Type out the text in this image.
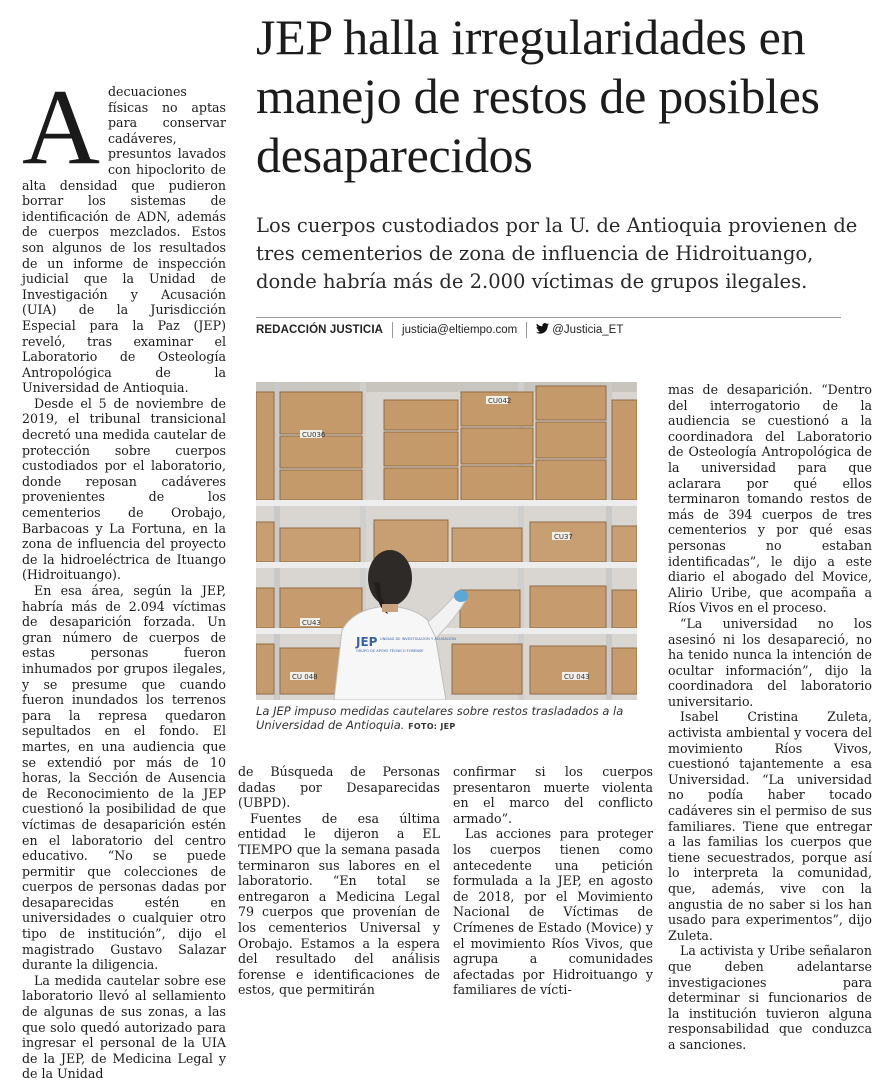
JEP halla irregularidades en manejo de restos de posibles desaparecidos

Los cuerpos custodiados por la U. de Antioquia provienen de tres cementerios de zona de influencia de Hidroituango, donde habría más de 2.000 víctimas de grupos ilegales.

REDACCIÓN JUSTICIA justicia@eltiempo.com	@Justicia_ET
A decuaciones físicas no aptas para conservar cadáveres, presuntos lavados con hipoclorito de alta densidad que pudieron borrar los sistemas de identificación de ADN, además de cuerpos mezclados. Estos son algunos de los resultados de un informe de inspección judicial que la Unidad de Investigación y Acusación (UIA) de la Jurisdicción Especial para la Paz (JEP) reveló, tras examinar el Laboratorio de Osteología Antropológica de la Universidad de Antioquia.

Desde el 5 de noviembre de 2019, el tribunal transicional decretó una medida cautelar de protección sobre cuerpos custodiados por el laboratorio, donde reposan cadáveres provenientes de los cementerios de Orobajo, Barbacoas y La Fortuna, en la zona de influencia del proyecto de la hidroeléctrica de Ituango (Hidroituango).

En esa área, según la JEP, habría más de 2.094 víctimas de desaparición forzada. Un gran número de cuerpos de estas personas fueron inhumados por grupos ilegales, y se presume que cuando fueron inundados los terrenos para la represa quedaron sepultados en el fondo. El martes, en una audiencia que se extendió por más de 10 horas, la Sección de Ausencia de Reconocimiento de la JEP cuestionó la posibilidad de que víctimas de desaparición estén en el laboratorio del centro educativo. “No se puede permitir que colecciones de cuerpos de personas dadas por desaparecidas estén en universidades o cualquier otro tipo de institución”, dijo el magistrado Gustavo Salazar durante la diligencia.

La medida cautelar sobre ese laboratorio llevó al sellamiento de algunas de sus zonas, a las que solo quedó autorizado para ingresar el personal de la UIA de la JEP, de Medicina Legal y de la Unidad

CU042
CU036
CU37
CU43
CU 048	CU 043
JEP UNIDAD DE INVESTIGACIÓN Y ACUSACIÓN
GRUPO DE APOYO TÉCNICO FORENSE
La JEP impuso medidas cautelares sobre restos trasladados a la Universidad de Antioquia. FOTO: JEP

de Búsqueda de Personas dadas por Desaparecidas (UBPD).

Fuentes de esa última entidad le dijeron a EL TIEMPO que la semana pasada terminaron sus labores en el laboratorio. “En total se entregaron a Medicina Legal 79 cuerpos que provenían de los cementerios Universal y Orobajo. Estamos a la espera del resultado del análisis forense e identificaciones de estos, que permitirán

confirmar si los cuerpos presentaron muerte violenta en el marco del conflicto armado”.

Las acciones para proteger los cuerpos tienen como antecedente una petición formulada a la JEP, en agosto de 2018, por el Movimiento Nacional de Víctimas de Crímenes de Estado (Movice) y el movimiento Ríos Vivos, que agrupa a comunidades afectadas por Hidroituango y familiares de vícti-

mas de desaparición. “Dentro del interrogatorio de la audiencia se cuestionó a la coordinadora del Laboratorio de Osteología Antropológica de la universidad para que aclarara por qué ellos terminaron tomando restos de más de 394 cuerpos de tres cementerios y por qué esas personas no estaban identificadas”, le dijo a este diario el abogado del Movice, Alirio Uribe, que acompaña a Ríos Vivos en el proceso.

“La universidad no los asesinó ni los desapareció, no ha tenido nunca la intención de ocultar información”, dijo la coordinadora del laboratorio universitario.

Isabel Cristina Zuleta, activista ambiental y vocera del movimiento Ríos Vivos, cuestionó tajantemente a esa Universidad. “La universidad no podía haber tocado cadáveres sin el permiso de sus familiares. Tiene que entregar a las familias los cuerpos que tiene secuestrados, porque así lo interpreta la comunidad, que, además, vive con la angustia de no saber si los han usado para experimentos”, dijo Zuleta.

La activista y Uribe señalaron que deben adelantarse investigaciones para determinar si funcionarios de la institución tuvieron alguna responsabilidad que conduzca a sanciones.
